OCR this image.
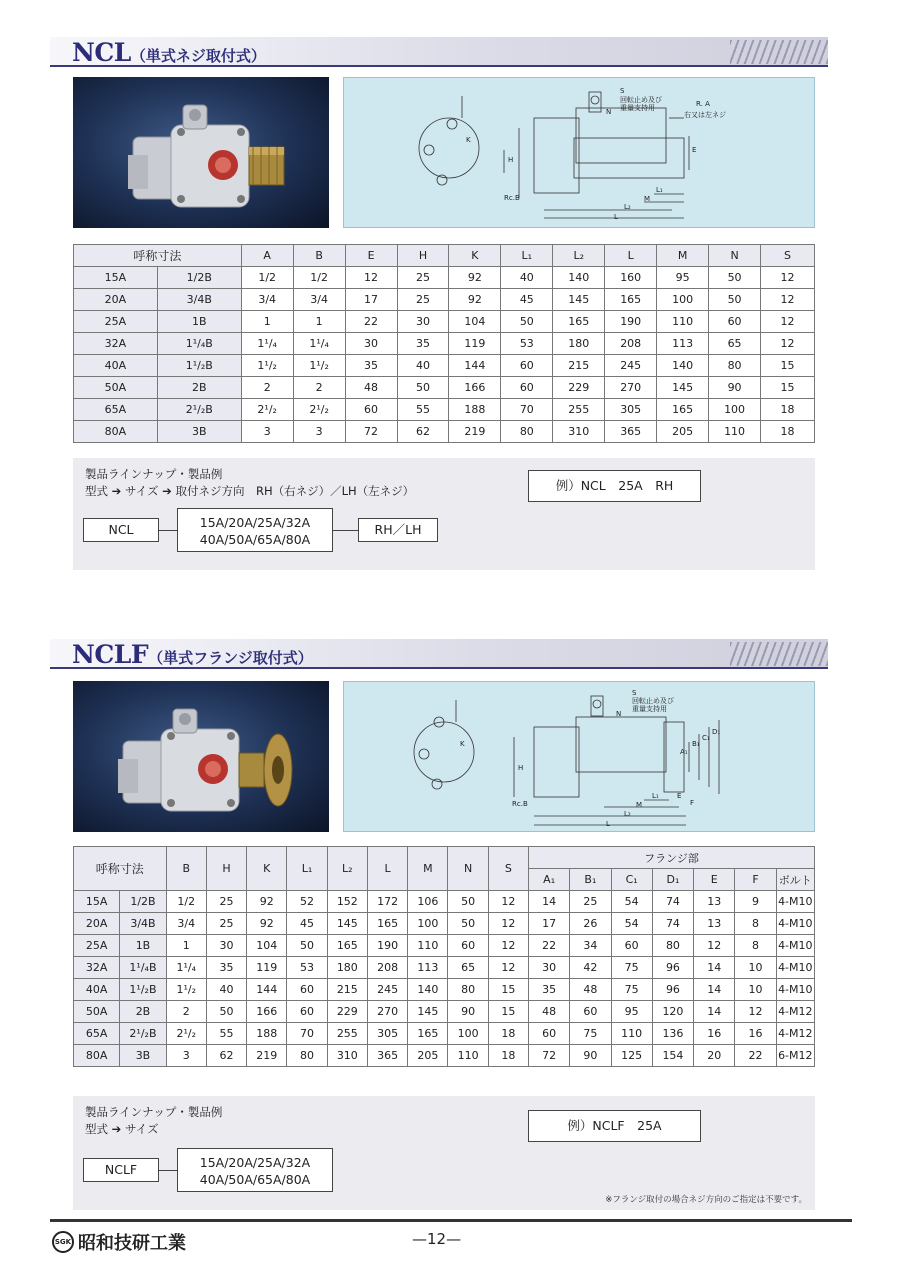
NCL（単式ネジ取付式）
S
回転止め及び
重量支持用	R. A
右又は左ネジ
N
E
H
K
Rc.B
L₁
M
L₂
L
呼称寸法		A	B	E	H	K	L₁	L₂	L	M	N	S
15A	1/2B	1/2	1/2	12	25	92	40	140	160	95	50	12
20A	3/4B	3/4	3/4	17	25	92	45	145	165	100	50	12
25A	1B	1	1	22	30	104	50	165	190	110	60	12
32A	1¹/₄B	1¹/₄	1¹/₄	30	35	119	53	180	208	113	65	12
40A	1¹/₂B	1¹/₂	1¹/₂	35	40	144	60	215	245	140	80	15
50A	2B	2	2	48	50	166	60	229	270	145	90	15
65A	2¹/₂B	2¹/₂	2¹/₂	60	55	188	70	255	305	165	100	18
80A	3B	3	3	72	62	219	80	310	365	205	110	18
製品ラインナップ・製品例
型式 ➔ サイズ ➔ 取付ネジ方向　RH（右ネジ）／LH（左ネジ）	例）NCL　25A　RH
NCL	15A/20A/25A/32A
40A/50A/65A/80A
RH／LH
NCLF（単式フランジ取付式）
S
回転止め及び
重量支持用
N
A₁
B₁
C₁
D₁
H
K
Rc.B
L₁	E
F
M
L₂
L
呼称寸法		B	H	K	L₁	L₂	L	M	N	S	フランジ部						
											A₁	B₁	C₁	D₁	E	F	ボルト
15A	1/2B	1/2	25	92	52	152	172	106	50	12	14	25	54	74	13	9	4-M10
20A	3/4B	3/4	25	92	45	145	165	100	50	12	17	26	54	74	13	8	4-M10
25A	1B	1	30	104	50	165	190	110	60	12	22	34	60	80	12	8	4-M10
32A	1¹/₄B	1¹/₄	35	119	53	180	208	113	65	12	30	42	75	96	14	10	4-M10
40A	1¹/₂B	1¹/₂	40	144	60	215	245	140	80	15	35	48	75	96	14	10	4-M10
50A	2B	2	50	166	60	229	270	145	90	15	48	60	95	120	14	12	4-M12
65A	2¹/₂B	2¹/₂	55	188	70	255	305	165	100	18	60	75	110	136	16	16	4-M12
80A	3B	3	62	219	80	310	365	205	110	18	72	90	125	154	20	22	6-M12
製品ラインナップ・製品例
型式 ➔ サイズ	例）NCLF　25A
NCLF	15A/20A/25A/32A
40A/50A/65A/80A
※フランジ取付の場合ネジ方向のご指定は不要です。
SGK 昭和技研工業	—12—
